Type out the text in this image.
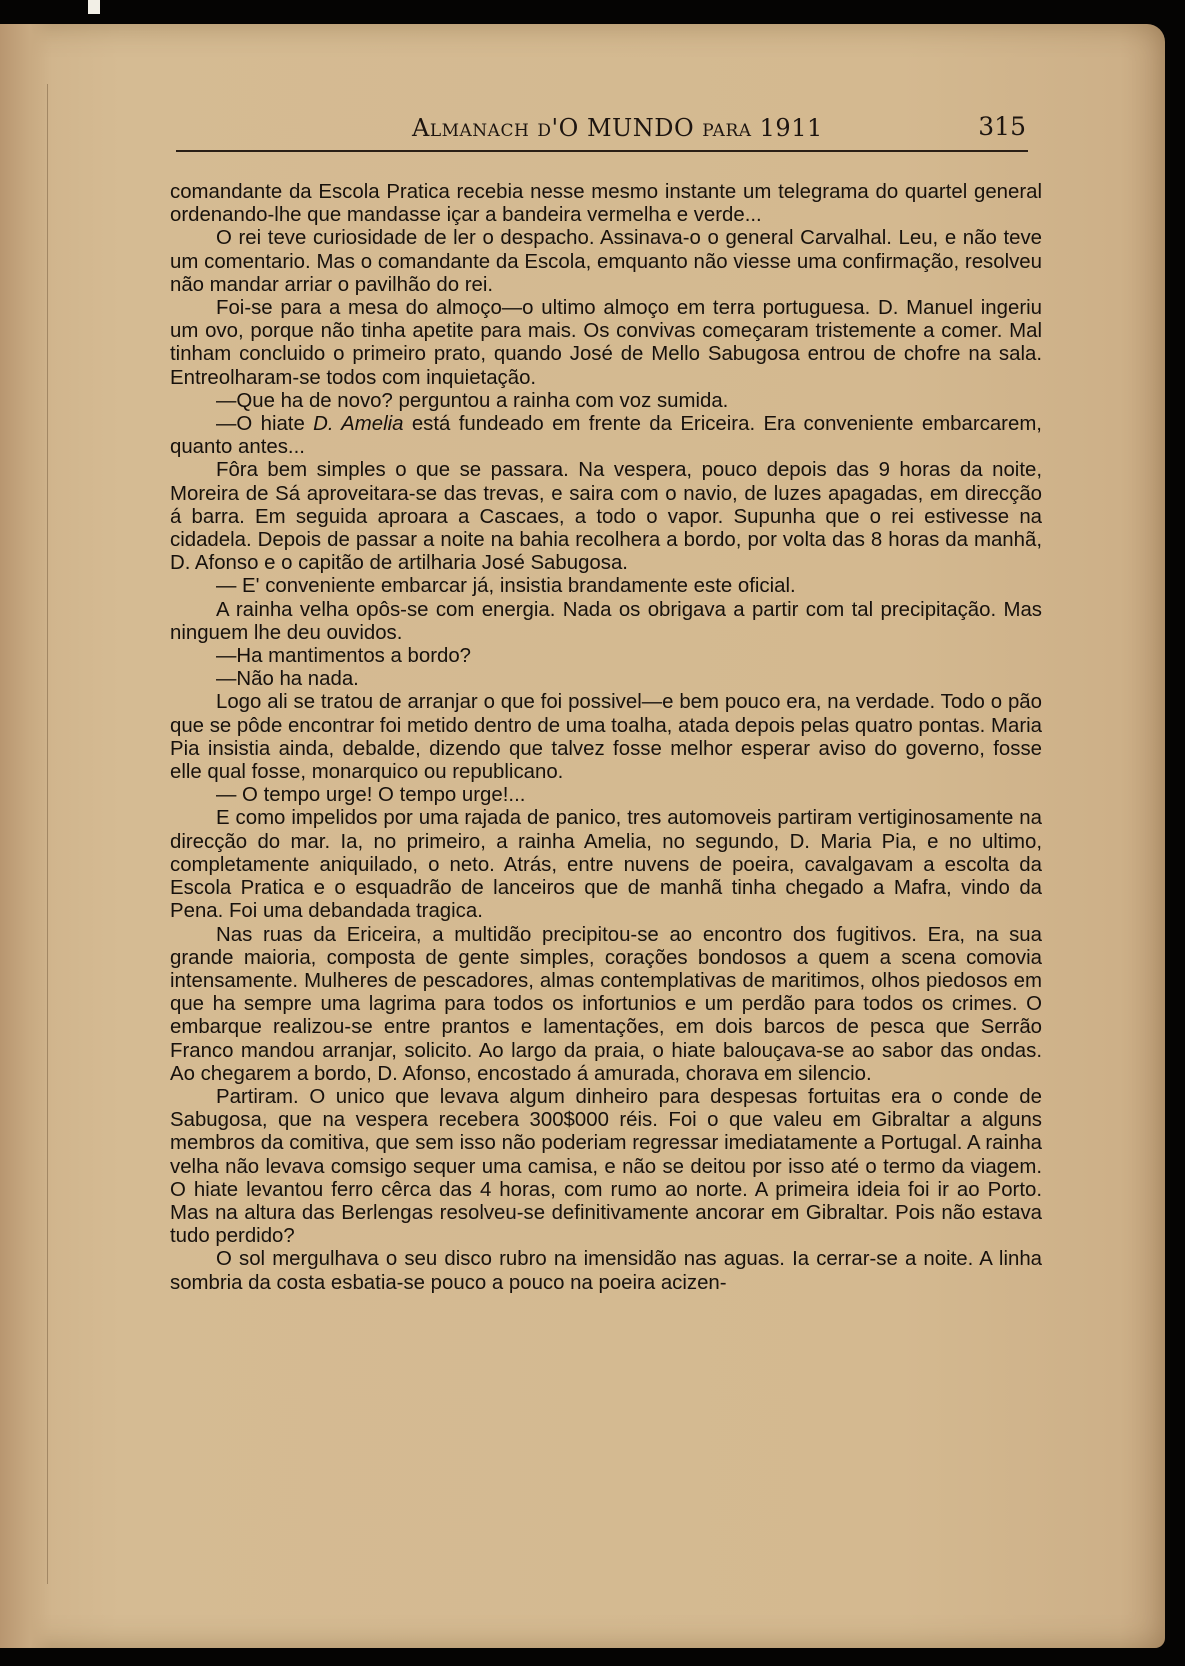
Almanach d'O MUNDO para 1911	315

comandante da Escola Pratica recebia nesse mesmo instante um telegrama do quartel general ordenando-lhe que mandasse içar a bandeira vermelha e verde...

O rei teve curiosidade de ler o despacho. Assinava-o o general Carvalhal. Leu, e não teve um comentario. Mas o comandante da Escola, emquanto não viesse uma confirmação, resolveu não mandar arriar o pavilhão do rei.

Foi-se para a mesa do almoço—o ultimo almoço em terra portuguesa. D. Manuel ingeriu um ovo, porque não tinha apetite para mais. Os convivas começaram tristemente a comer. Mal tinham concluido o primeiro prato, quando José de Mello Sabugosa entrou de chofre na sala. Entreolharam-se todos com inquietação.

—Que ha de novo? perguntou a rainha com voz sumida.

—O hiate D. Amelia está fundeado em frente da Ericeira. Era conveniente embarcarem, quanto antes...

Fôra bem simples o que se passara. Na vespera, pouco depois das 9 horas da noite, Moreira de Sá aproveitara-se das trevas, e saira com o navio, de luzes apagadas, em direcção á barra. Em seguida aproara a Cascaes, a todo o vapor. Supunha que o rei estivesse na cidadela. Depois de passar a noite na bahia recolhera a bordo, por volta das 8 horas da manhã, D. Afonso e o capitão de artilharia José Sabugosa.

— E' conveniente embarcar já, insistia brandamente este oficial.

A rainha velha opôs-se com energia. Nada os obrigava a partir com tal precipitação. Mas ninguem lhe deu ouvidos.

—Ha mantimentos a bordo?

—Não ha nada.

Logo ali se tratou de arranjar o que foi possivel—e bem pouco era, na verdade. Todo o pão que se pôde encontrar foi metido dentro de uma toalha, atada depois pelas quatro pontas. Maria Pia insistia ainda, debalde, dizendo que talvez fosse melhor esperar aviso do governo, fosse elle qual fosse, monarquico ou republicano.

— O tempo urge! O tempo urge!...

E como impelidos por uma rajada de panico, tres automoveis partiram vertiginosamente na direcção do mar. Ia, no primeiro, a rainha Amelia, no segundo, D. Maria Pia, e no ultimo, completamente aniquilado, o neto. Atrás, entre nuvens de poeira, cavalgavam a escolta da Escola Pratica e o esquadrão de lanceiros que de manhã tinha chegado a Mafra, vindo da Pena. Foi uma debandada tragica.

Nas ruas da Ericeira, a multidão precipitou-se ao encontro dos fugitivos. Era, na sua grande maioria, composta de gente simples, corações bondosos a quem a scena comovia intensamente. Mulheres de pescadores, almas contemplativas de maritimos, olhos piedosos em que ha sempre uma lagrima para todos os infortunios e um perdão para todos os crimes. O embarque realizou-se entre prantos e lamentações, em dois barcos de pesca que Serrão Franco mandou arranjar, solicito. Ao largo da praia, o hiate balouçava-se ao sabor das ondas. Ao chegarem a bordo, D. Afonso, encostado á amurada, chorava em silencio.

Partiram. O unico que levava algum dinheiro para despesas fortuitas era o conde de Sabugosa, que na vespera recebera 300$000 réis. Foi o que valeu em Gibraltar a alguns membros da comitiva, que sem isso não poderiam regressar imediatamente a Portugal. A rainha velha não levava comsigo sequer uma camisa, e não se deitou por isso até o termo da viagem. O hiate levantou ferro cêrca das 4 horas, com rumo ao norte. A primeira ideia foi ir ao Porto. Mas na altura das Berlengas resolveu-se definitivamente ancorar em Gibraltar. Pois não estava tudo perdido?

O sol mergulhava o seu disco rubro na imensidão nas aguas. Ia cerrar-se a noite. A linha sombria da costa esbatia-se pouco a pouco na poeira acizen-
